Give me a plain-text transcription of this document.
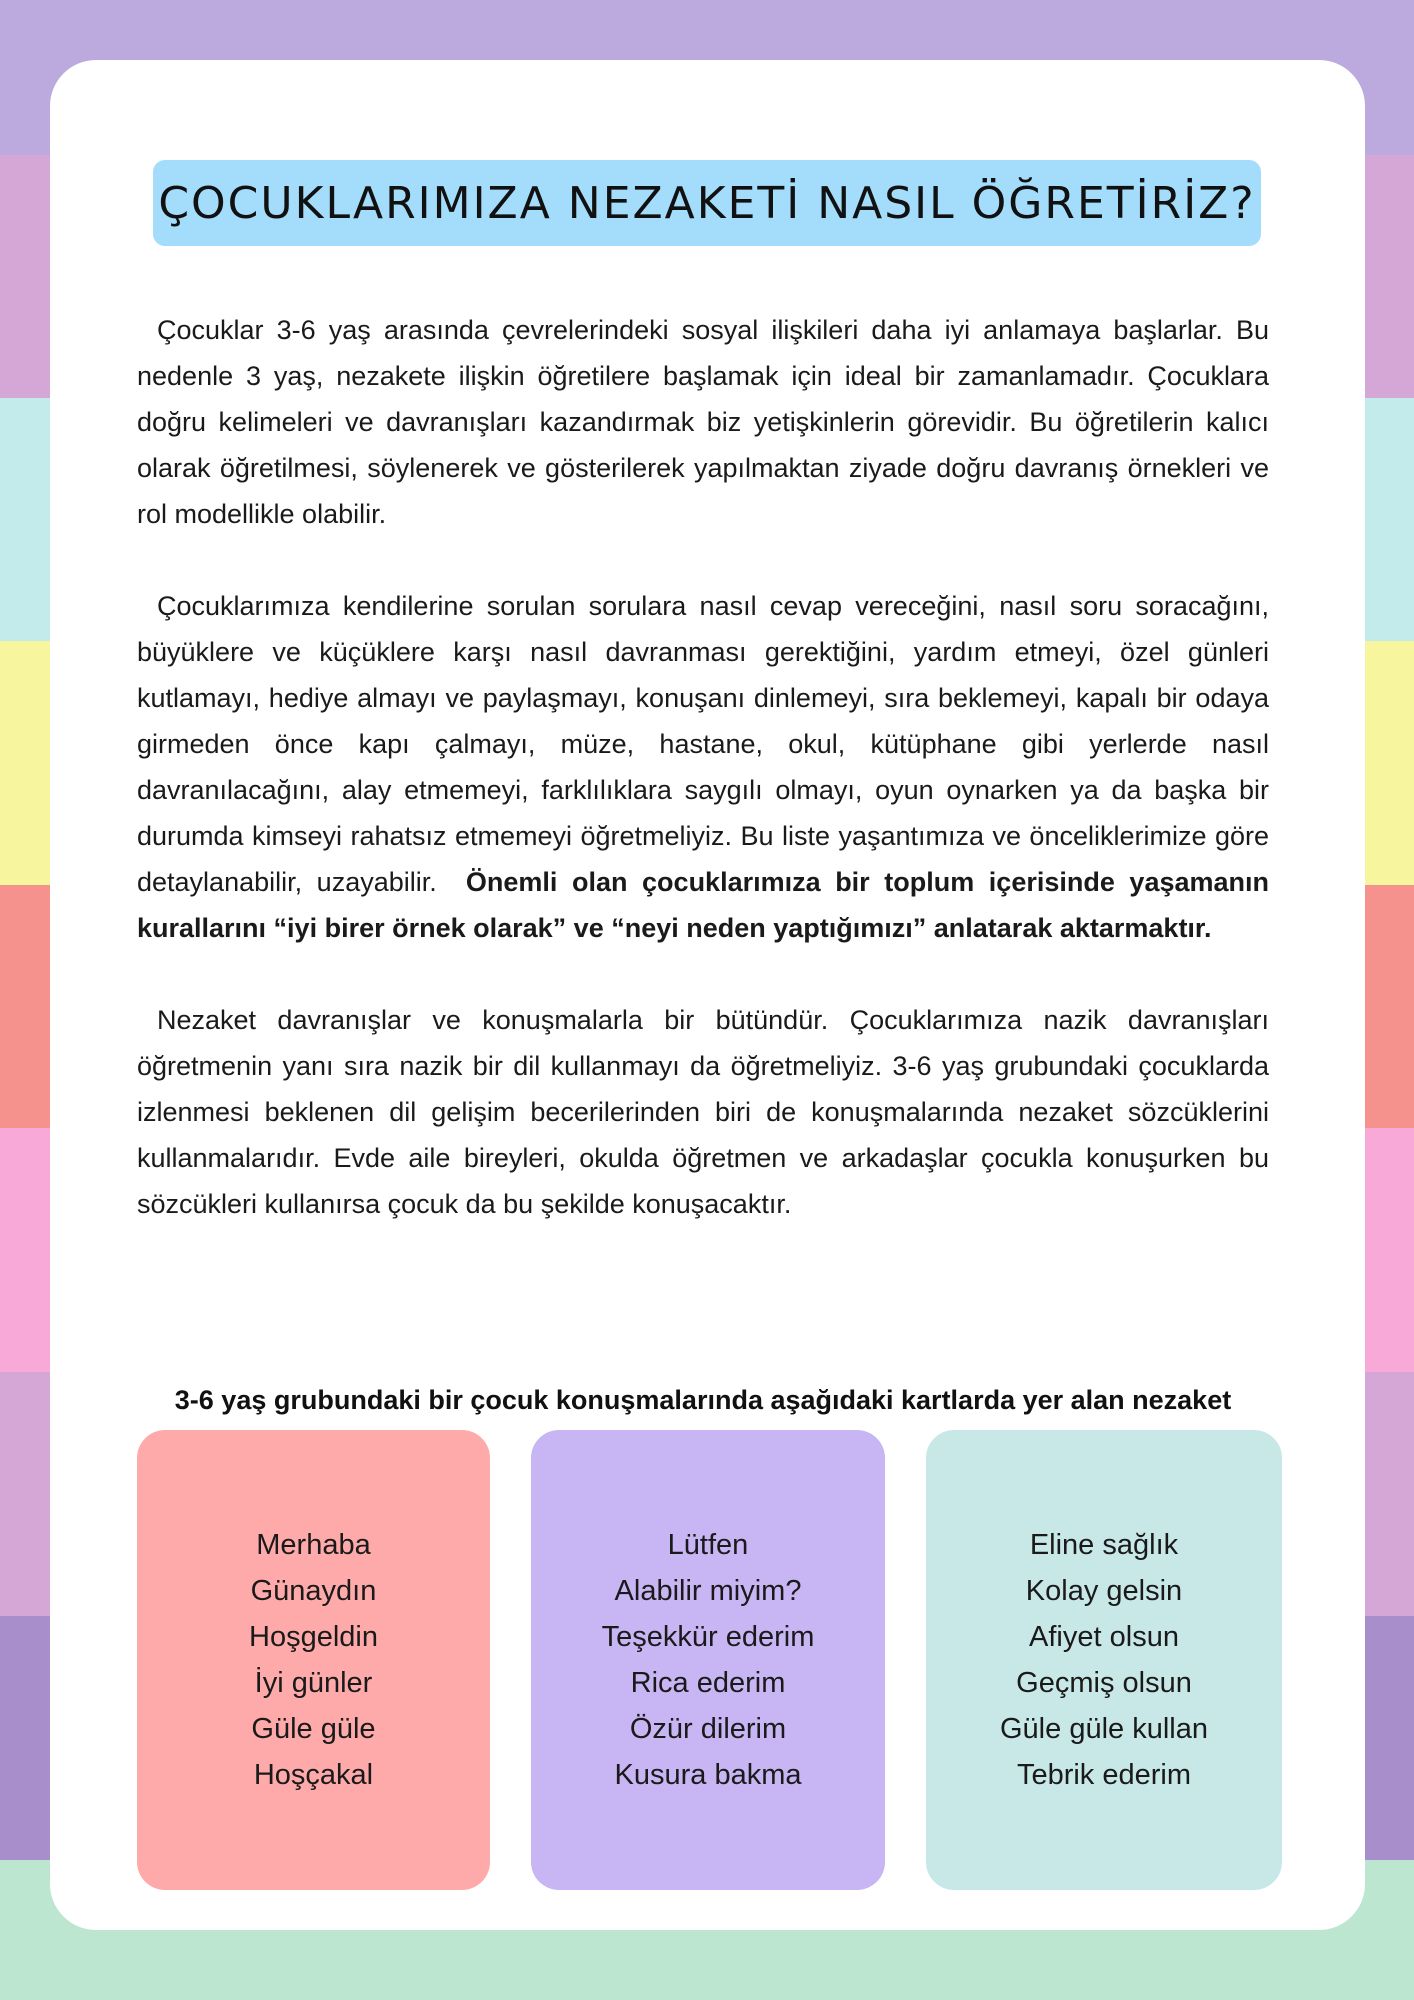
ÇOCUKLARIMIZA NEZAKETİ NASIL ÖĞRETİRİZ?

Çocuklar 3-6 yaş arasında çevrelerindeki sosyal ilişkileri daha iyi anlamaya başlarlar. Bu nedenle 3 yaş, nezakete ilişkin öğretilere başlamak için ideal bir zamanlamadır. Çocuklara doğru kelimeleri ve davranışları kazandırmak biz yetişkinlerin görevidir. Bu öğretilerin kalıcı olarak öğretilmesi, söylenerek ve gösterilerek yapılmaktan ziyade doğru davranış örnekleri ve rol modellikle olabilir.

Çocuklarımıza kendilerine sorulan sorulara nasıl cevap vereceğini, nasıl soru soracağını, büyüklere ve küçüklere karşı nasıl davranması gerektiğini, yardım etmeyi, özel günleri kutlamayı, hediye almayı ve paylaşmayı, konuşanı dinlemeyi, sıra beklemeyi, kapalı bir odaya girmeden önce kapı çalmayı, müze, hastane, okul, kütüphane gibi yerlerde nasıl davranılacağını, alay etmemeyi, farklılıklara saygılı olmayı, oyun oynarken ya da başka bir durumda kimseyi rahatsız etmemeyi öğretmeliyiz. Bu liste yaşantımıza ve önceliklerimize göre detaylanabilir, uzayabilir. Önemli olan çocuklarımıza bir toplum içerisinde yaşamanın kurallarını “iyi birer örnek olarak” ve “neyi neden yaptığımızı” anlatarak aktarmaktır.

Nezaket davranışlar ve konuşmalarla bir bütündür. Çocuklarımıza nazik davranışları öğretmenin yanı sıra nazik bir dil kullanmayı da öğretmeliyiz. 3-6 yaş grubundaki çocuklarda izlenmesi beklenen dil gelişim becerilerinden biri de konuşmalarında nezaket sözcüklerini kullanmalarıdır. Evde aile bireyleri, okulda öğretmen ve arkadaşlar çocukla konuşurken bu sözcükleri kullanırsa çocuk da bu şekilde konuşacaktır.

3-6 yaş grubundaki bir çocuk konuşmalarında aşağıdaki kartlarda yer alan nezaket

Merhaba
Günaydın
Hoşgeldin
İyi günler
Güle güle
Hoşçakal
Lütfen
Alabilir miyim?
Teşekkür ederim
Rica ederim
Özür dilerim
Kusura bakma
Eline sağlık
Kolay gelsin
Afiyet olsun
Geçmiş olsun
Güle güle kullan
Tebrik ederim
